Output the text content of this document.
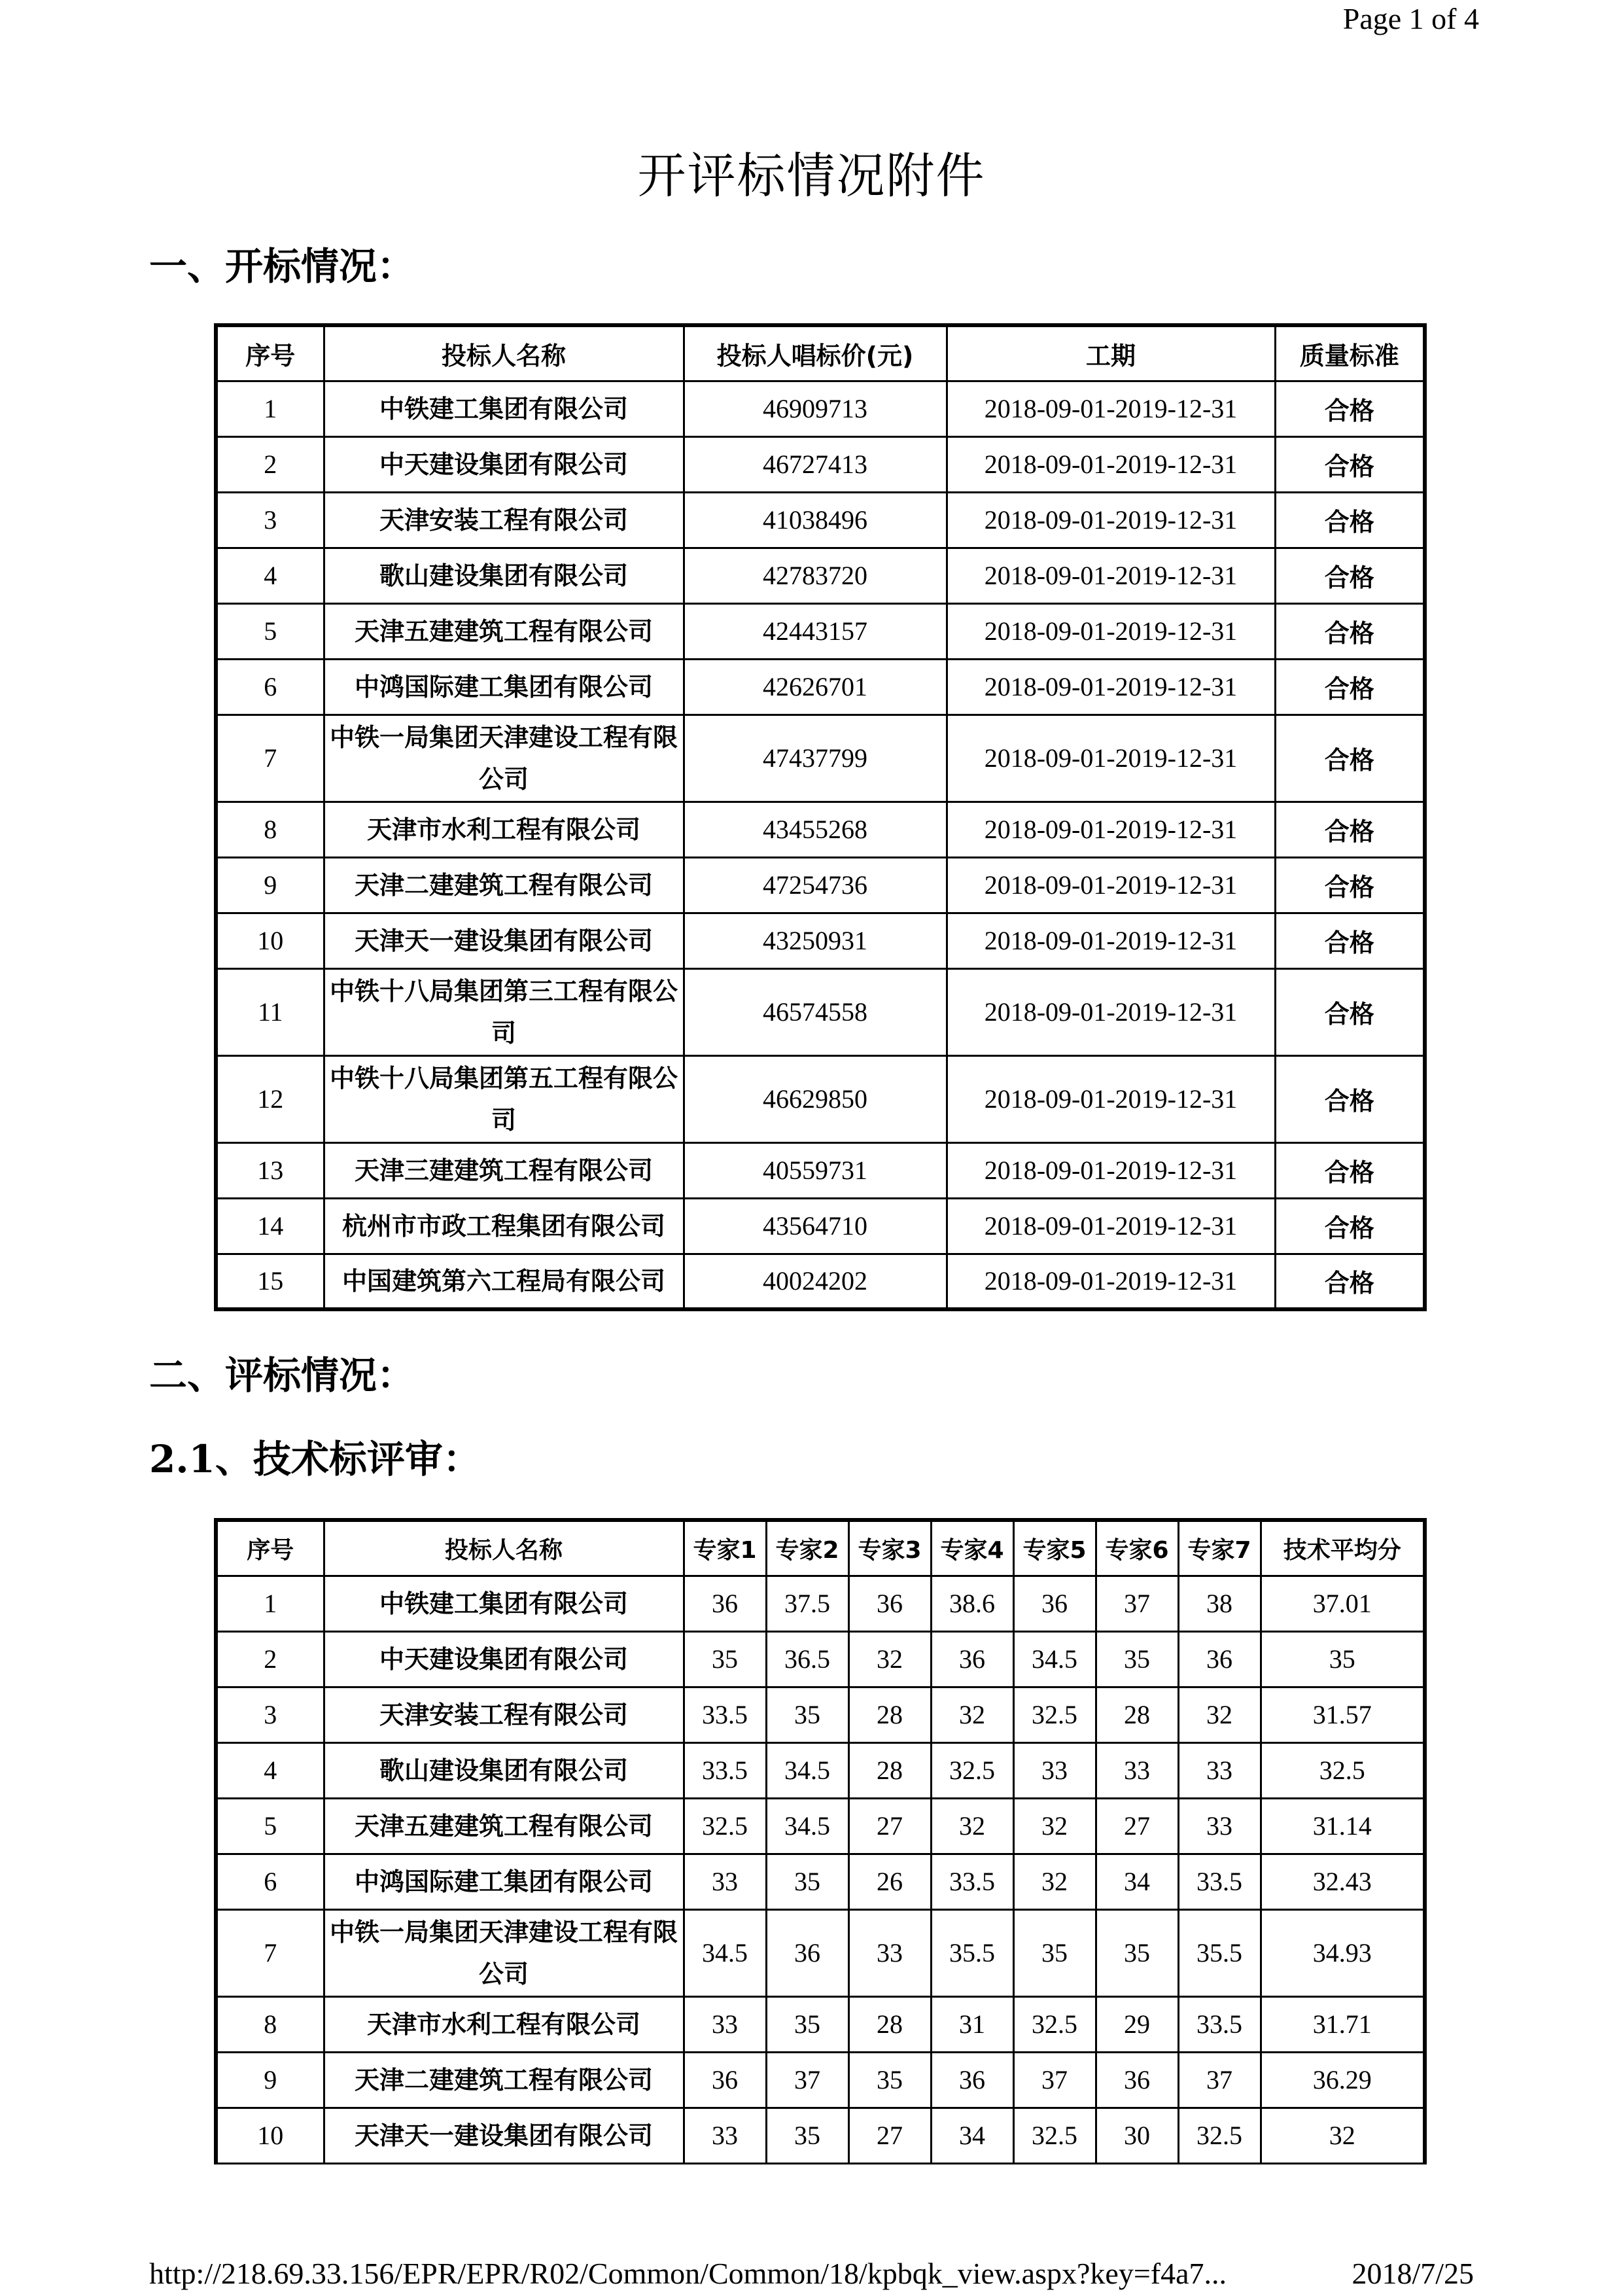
Page 1 of 4
开评标情况附件
一、开标情况：
序号	投标人名称	投标人唱标价(元)	工期	质量标准
1	中铁建工集团有限公司	46909713	2018-09-01-2019-12-31	合格
2	中天建设集团有限公司	46727413	2018-09-01-2019-12-31	合格
3	天津安装工程有限公司	41038496	2018-09-01-2019-12-31	合格
4	歌山建设集团有限公司	42783720	2018-09-01-2019-12-31	合格
5	天津五建建筑工程有限公司	42443157	2018-09-01-2019-12-31	合格
6	中鸿国际建工集团有限公司	42626701	2018-09-01-2019-12-31	合格
7	中铁一局集团天津建设工程有限公司	47437799	2018-09-01-2019-12-31	合格
8	天津市水利工程有限公司	43455268	2018-09-01-2019-12-31	合格
9	天津二建建筑工程有限公司	47254736	2018-09-01-2019-12-31	合格
10	天津天一建设集团有限公司	43250931	2018-09-01-2019-12-31	合格
11	中铁十八局集团第三工程有限公司	46574558	2018-09-01-2019-12-31	合格
12	中铁十八局集团第五工程有限公司	46629850	2018-09-01-2019-12-31	合格
13	天津三建建筑工程有限公司	40559731	2018-09-01-2019-12-31	合格
14	杭州市市政工程集团有限公司	43564710	2018-09-01-2019-12-31	合格
15	中国建筑第六工程局有限公司	40024202	2018-09-01-2019-12-31	合格
二、评标情况：
2.1、技术标评审：
序号	投标人名称	专家1	专家2	专家3	专家4	专家5	专家6	专家7	技术平均分
1	中铁建工集团有限公司	36	37.5	36	38.6	36	37	38	37.01
2	中天建设集团有限公司	35	36.5	32	36	34.5	35	36	35
3	天津安装工程有限公司	33.5	35	28	32	32.5	28	32	31.57
4	歌山建设集团有限公司	33.5	34.5	28	32.5	33	33	33	32.5
5	天津五建建筑工程有限公司	32.5	34.5	27	32	32	27	33	31.14
6	中鸿国际建工集团有限公司	33	35	26	33.5	32	34	33.5	32.43
7	中铁一局集团天津建设工程有限公司	34.5	36	33	35.5	35	35	35.5	34.93
8	天津市水利工程有限公司	33	35	28	31	32.5	29	33.5	31.71
9	天津二建建筑工程有限公司	36	37	35	36	37	36	37	36.29
10	天津天一建设集团有限公司	33	35	27	34	32.5	30	32.5	32
http://218.69.33.156/EPR/EPR/R02/Common/Common/18/kpbqk_view.aspx?key=f4a7...	2018/7/25
